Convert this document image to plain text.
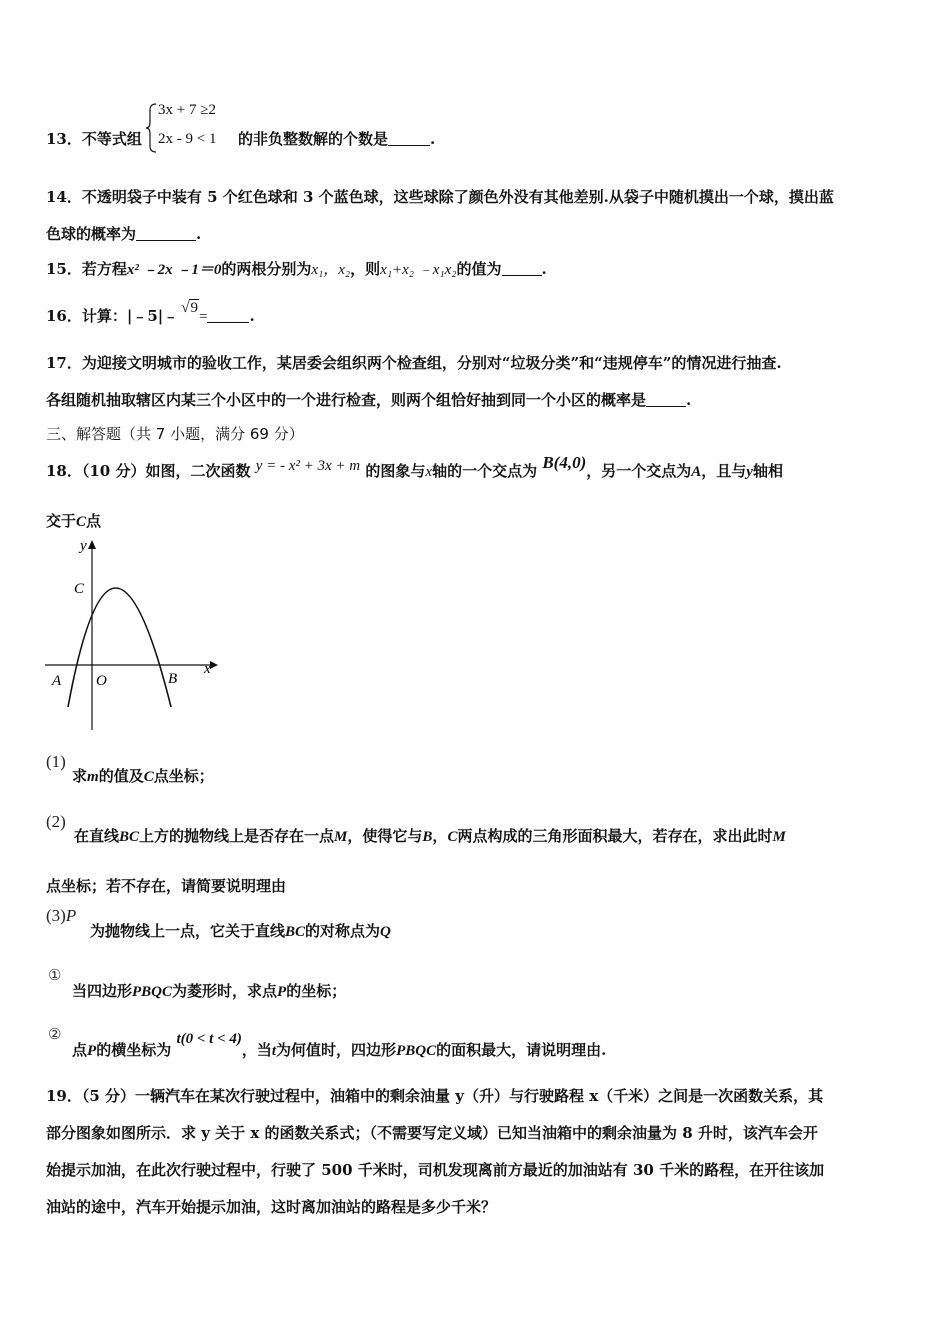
13．不等式组
3x + 7 ≥2
2x - 9 < 1 的非负整数解的个数是	.
14．不透明袋子中装有 5 个红色球和 3 个蓝色球，这些球除了颜色外没有其他差别.从袋子中随机摸出一个球，摸出蓝
色球的概率为	.
15．若方程x² ﹣2x ﹣1＝0的两根分别为x₁，x₂，则x₁+x₂ ﹣x₁x₂的值为	.
16．计算：|﹣5|﹣ √9=	.
17．为迎接文明城市的验收工作，某居委会组织两个检查组，分别对“垃圾分类”和“违规停车”的情况进行抽查.
各组随机抽取辖区内某三个小区中的一个进行检查，则两个组恰好抽到同一个小区的概率是	.
三、解答题（共 7 小题，满分 69 分）
18．（10 分）如图，二次函数 y = - x² + 3x + m 的图象与x轴的一个交点为 B(4,0)，另一个交点为A，且与y轴相
交于C点
y
x
C
A O	B
(1)
求m的值及C点坐标；
(2)
在直线BC上方的抛物线上是否存在一点M，使得它与B，C两点构成的三角形面积最大，若存在，求出此时M
点坐标；若不存在，请简要说明理由
(3)P
为抛物线上一点，它关于直线BC的对称点为Q
①
当四边形PBQC为菱形时，求点P的坐标；
②
点P的横坐标为 t(0 < t < 4)，当t为何值时，四边形PBQC的面积最大，请说明理由.
19．（5 分）一辆汽车在某次行驶过程中，油箱中的剩余油量 y（升）与行驶路程 x（千米）之间是一次函数关系，其
部分图象如图所示．求 y 关于 x 的函数关系式；（不需要写定义域）已知当油箱中的剩余油量为 8 升时，该汽车会开
始提示加油，在此次行驶过程中，行驶了 500 千米时，司机发现离前方最近的加油站有 30 千米的路程，在开往该加
油站的途中，汽车开始提示加油，这时离加油站的路程是多少千米？
